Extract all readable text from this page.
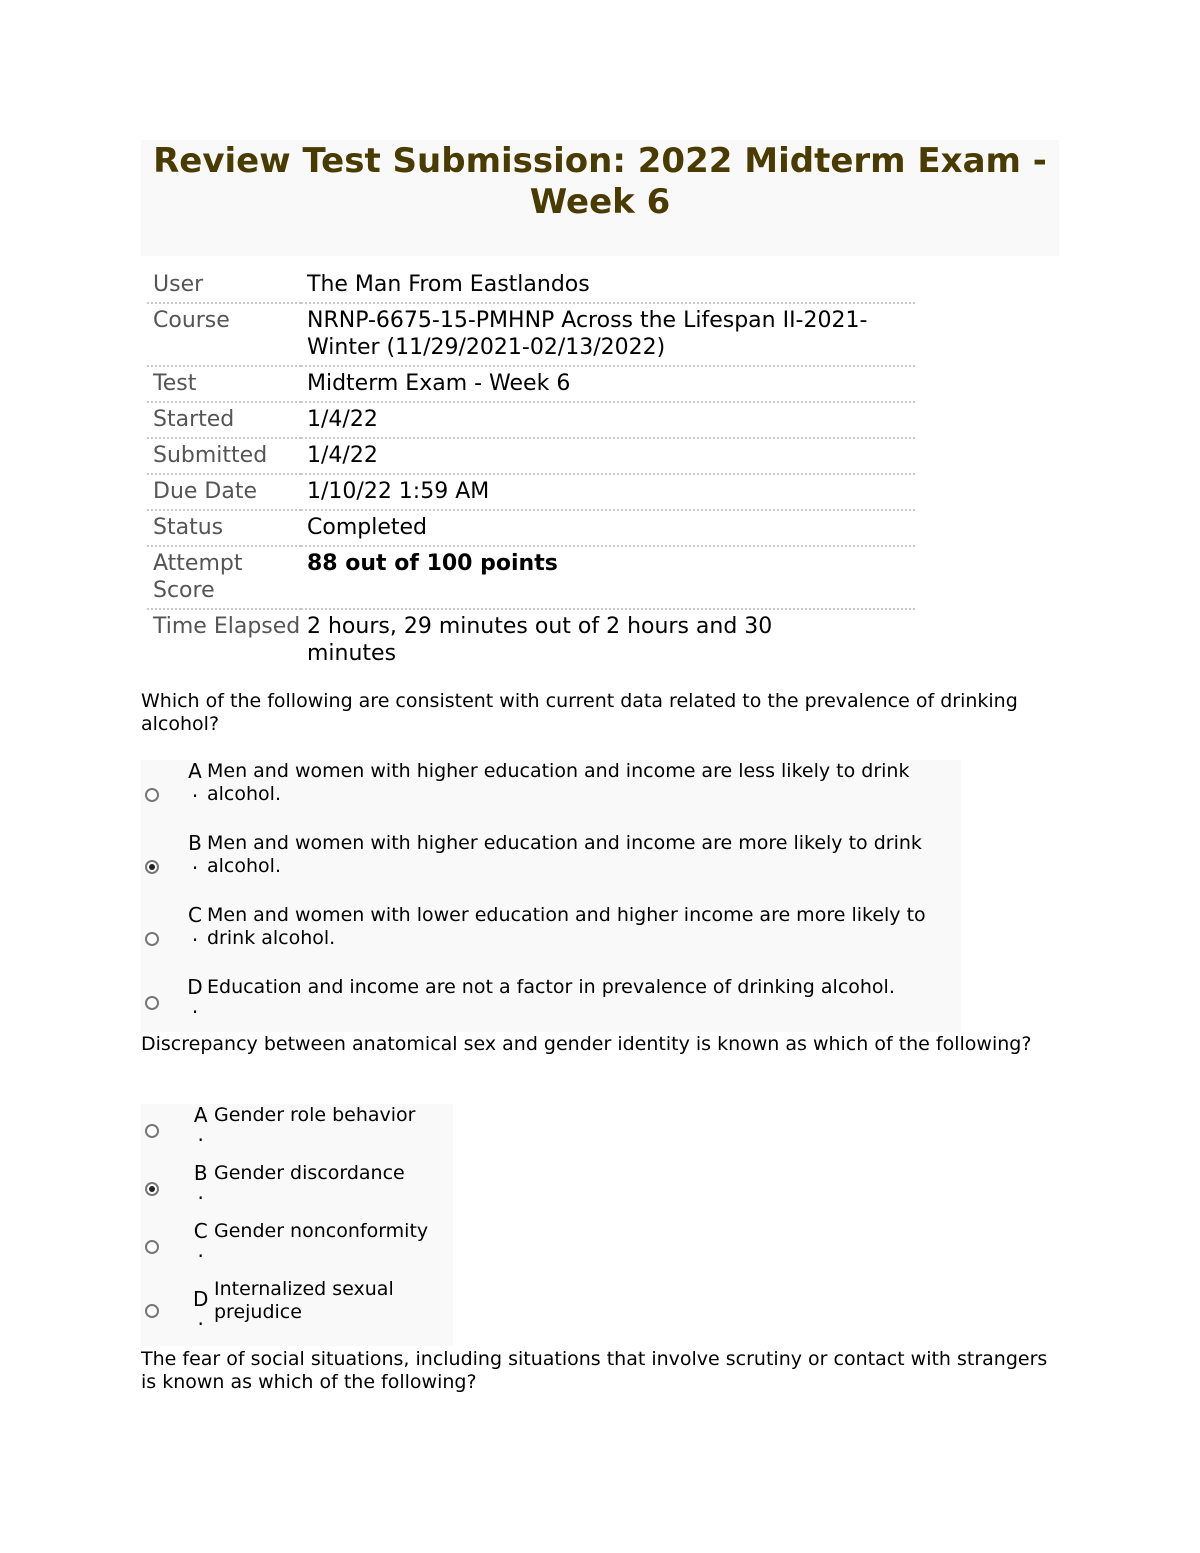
Review Test Submission: 2022 Midterm Exam - Week 6
User	The Man From Eastlandos
Course	NRNP-6675-15-PMHNP Across the Lifespan II-2021-Winter (11/29/2021-02/13/2022)
Test	Midterm Exam - Week 6
Started	1/4/22
Submitted	1/4/22
Due Date	1/10/22 1:59 AM
Status	Completed
Attempt Score	88 out of 100 points
Time Elapsed	2 hours, 29 minutes out of 2 hours and 30 minutes
Which of the following are consistent with current data related to the prevalence of drinking alcohol?
	A
.	Men and women with higher education and income are less likely to drink alcohol.

	B
.	Men and women with higher education and income are more likely to drink alcohol.

	C
.	Men and women with lower education and higher income are more likely to drink alcohol.

	D
.	Education and income are not a factor in prevalence of drinking alcohol.
Discrepancy between anatomical sex and gender identity is known as which of the following?
	A
.	Gender role behavior

	B
.	Gender discordance

	C
.	Gender nonconformity

	D
.	Internalized sexual prejudice
The fear of social situations, including situations that involve scrutiny or contact with strangers is known as which of the following?
